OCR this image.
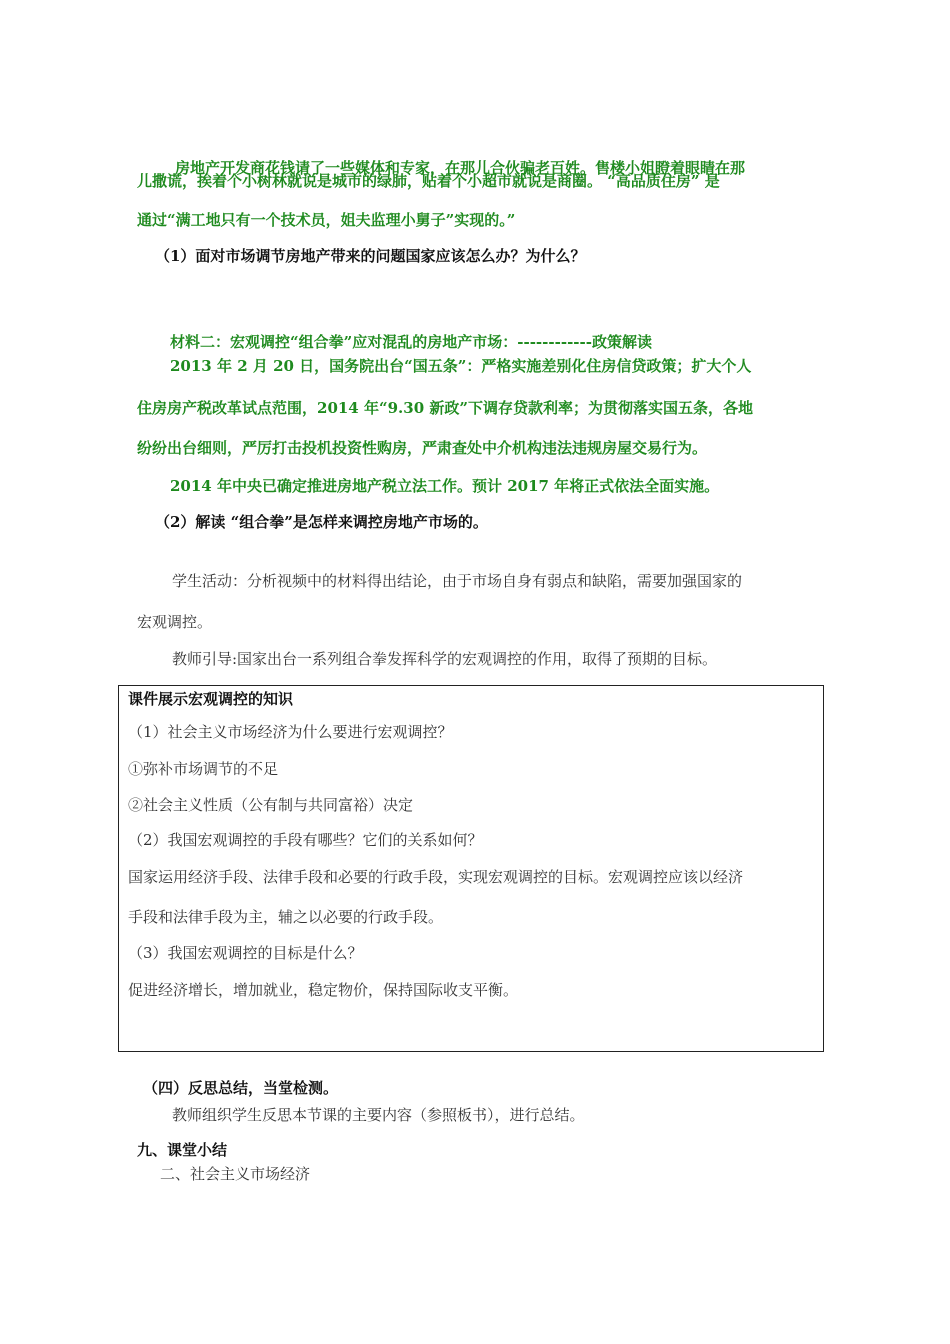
房地产开发商花钱请了一些媒体和专家，在那儿合伙骗老百姓。售楼小姐瞪着眼睛在那
儿撒谎，挨着个小树林就说是城市的绿肺，贴着个小超市就说是商圈。 “高品质住房” 是
通过“满工地只有一个技术员，姐夫监理小舅子”实现的。”
（1）面对市场调节房地产带来的问题国家应该怎么办？为什么？
材料二：宏观调控“组合拳”应对混乱的房地产市场：------------政策解读
2013 年 2 月 20 日，国务院出台“国五条”：严格实施差别化住房信贷政策；扩大个人
住房房产税改革试点范围，2014 年“9.30 新政”下调存贷款利率；为贯彻落实国五条，各地
纷纷出台细则，严厉打击投机投资性购房，严肃查处中介机构违法违规房屋交易行为。
2014 年中央已确定推进房地产税立法工作。预计 2017 年将正式依法全面实施。
（2）解读 “组合拳”是怎样来调控房地产市场的。
学生活动：分析视频中的材料得出结论，由于市场自身有弱点和缺陷，需要加强国家的
宏观调控。
教师引导:国家出台一系列组合拳发挥科学的宏观调控的作用，取得了预期的目标。
课件展示宏观调控的知识
（1）社会主义市场经济为什么要进行宏观调控？
①弥补市场调节的不足
②社会主义性质（公有制与共同富裕）决定
（2）我国宏观调控的手段有哪些？它们的关系如何？
国家运用经济手段、法律手段和必要的行政手段，实现宏观调控的目标。宏观调控应该以经济
手段和法律手段为主，辅之以必要的行政手段。
（3）我国宏观调控的目标是什么？
促进经济增长，增加就业，稳定物价，保持国际收支平衡。
（四）反思总结，当堂检测。
教师组织学生反思本节课的主要内容（参照板书），进行总结。
九、课堂小结
二、社会主义市场经济
